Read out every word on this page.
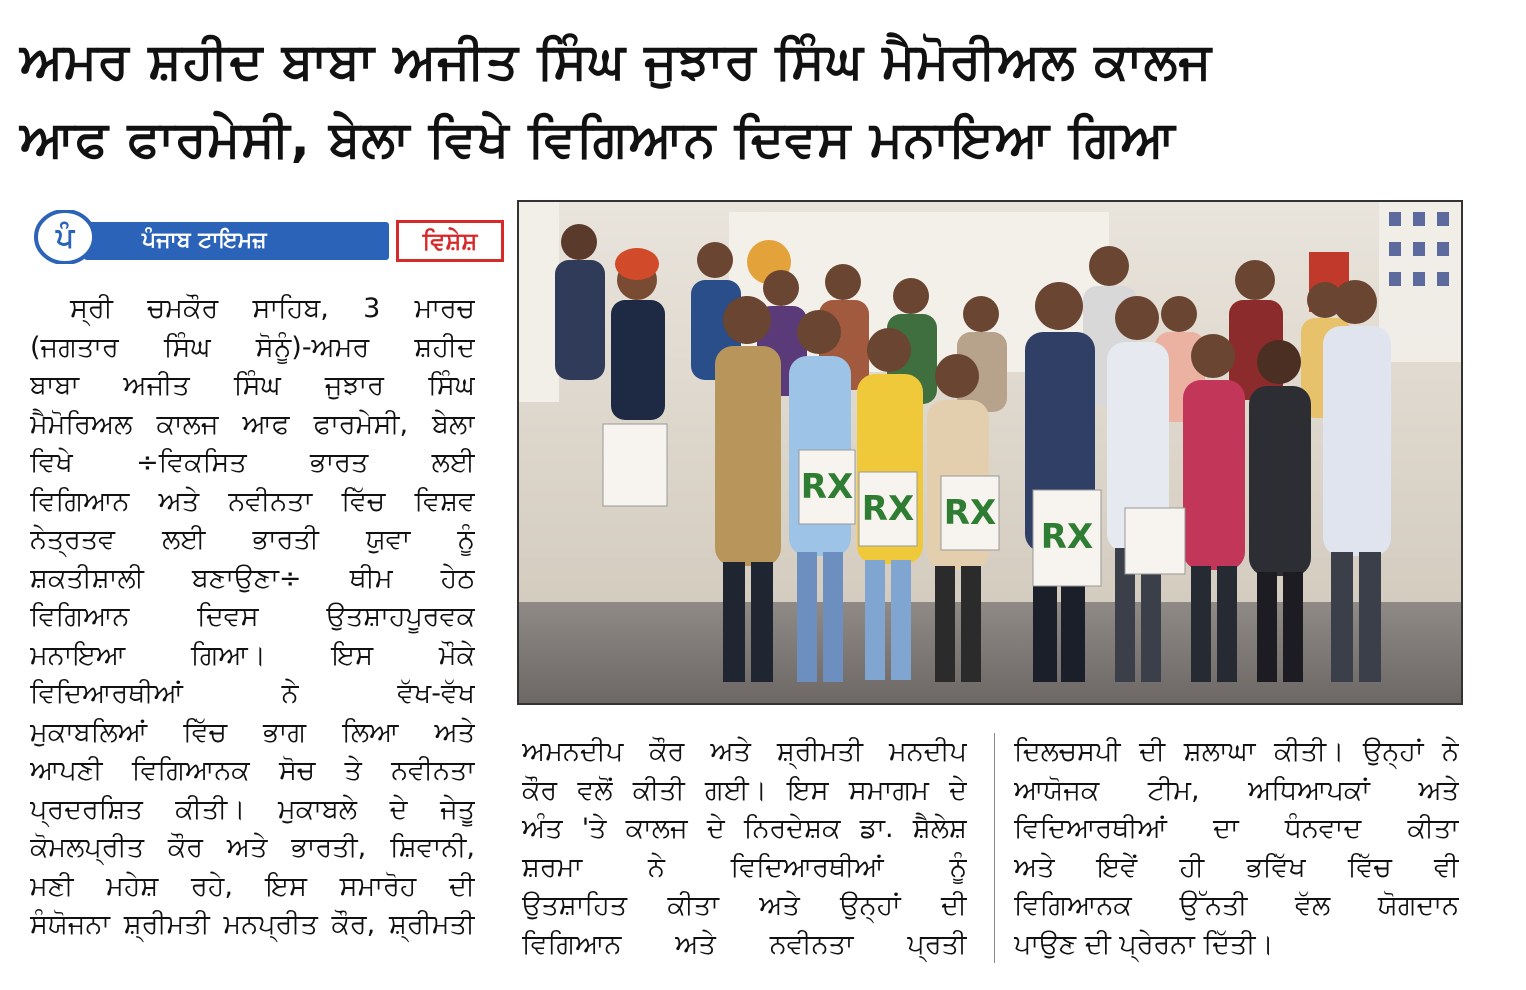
ਅਮਰ ਸ਼ਹੀਦ ਬਾਬਾ ਅਜੀਤ ਸਿੰਘ ਜੁਝਾਰ ਸਿੰਘ ਮੈਮੋਰੀਅਲ ਕਾਲਜ
ਆਫ ਫਾਰਮੇਸੀ, ਬੇਲਾ ਵਿਖੇ ਵਿਗਿਆਨ ਦਿਵਸ ਮਨਾਇਆ ਗਿਆ
ਪੰਜਾਬ ਟਾਇਮਜ਼
ਪੰ	ਵਿਸ਼ੇਸ਼
ਸ੍ਰੀ ਚਮਕੌਰ ਸਾਹਿਬ, 3 ਮਾਰਚ
(ਜਗਤਾਰ ਸਿੰਘ ਸੋਨੂੰ)-ਅਮਰ ਸ਼ਹੀਦ
ਬਾਬਾ ਅਜੀਤ ਸਿੰਘ ਜੁਝਾਰ ਸਿੰਘ
ਮੈਮੋਰਿਅਲ ਕਾਲਜ ਆਫ ਫਾਰਮੇਸੀ, ਬੇਲਾ
ਵਿਖੇ ÷ਵਿਕਸਿਤ ਭਾਰਤ ਲਈ
ਵਿਗਿਆਨ ਅਤੇ ਨਵੀਨਤਾ ਵਿੱਚ ਵਿਸ਼ਵ
ਨੇਤ੍ਰਤਵ ਲਈ ਭਾਰਤੀ ਯੁਵਾ ਨੂੰ
ਸ਼ਕਤੀਸ਼ਾਲੀ ਬਣਾਉਣਾ÷ ਥੀਮ ਹੇਠ
ਵਿਗਿਆਨ ਦਿਵਸ ਉਤਸ਼ਾਹਪੂਰਵਕ
ਮਨਾਇਆ ਗਿਆ। ਇਸ ਮੌਕੇ
ਵਿਦਿਆਰਥੀਆਂ ਨੇ ਵੱਖ-ਵੱਖ
ਮੁਕਾਬਲਿਆਂ ਵਿੱਚ ਭਾਗ ਲਿਆ ਅਤੇ
ਆਪਣੀ ਵਿਗਿਆਨਕ ਸੋਚ ਤੇ ਨਵੀਨਤਾ
ਪ੍ਰਦਰਸ਼ਿਤ ਕੀਤੀ। ਮੁਕਾਬਲੇ ਦੇ ਜੇਤੂ
ਕੋਮਲਪ੍ਰੀਤ ਕੌਰ ਅਤੇ ਭਾਰਤੀ, ਸ਼ਿਵਾਨੀ,
ਮਣੀ ਮਹੇਸ਼ ਰਹੇ, ਇਸ ਸਮਾਰੋਹ ਦੀ
ਸੰਯੋਜਨਾ ਸ਼੍ਰੀਮਤੀ ਮਨਪ੍ਰੀਤ ਕੌਰ, ਸ਼੍ਰੀਮਤੀ
RX
RX RX
RX
ਅਮਨਦੀਪ ਕੌਰ ਅਤੇ ਸ਼੍ਰੀਮਤੀ ਮਨਦੀਪ
ਕੌਰ ਵਲੋਂ ਕੀਤੀ ਗਈ। ਇਸ ਸਮਾਗਮ ਦੇ
ਅੰਤ 'ਤੇ ਕਾਲਜ ਦੇ ਨਿਰਦੇਸ਼ਕ ਡਾ. ਸ਼ੈਲੇਸ਼
ਸ਼ਰਮਾ ਨੇ ਵਿਦਿਆਰਥੀਆਂ ਨੂੰ
ਉਤਸ਼ਾਹਿਤ ਕੀਤਾ ਅਤੇ ਉਨ੍ਹਾਂ ਦੀ
ਵਿਗਿਆਨ ਅਤੇ ਨਵੀਨਤਾ ਪ੍ਰਤੀ
ਦਿਲਚਸਪੀ ਦੀ ਸ਼ਲਾਘਾ ਕੀਤੀ। ਉਨ੍ਹਾਂ ਨੇ
ਆਯੋਜਕ ਟੀਮ, ਅਧਿਆਪਕਾਂ ਅਤੇ
ਵਿਦਿਆਰਥੀਆਂ ਦਾ ਧੰਨਵਾਦ ਕੀਤਾ
ਅਤੇ ਇਵੇਂ ਹੀ ਭਵਿੱਖ ਵਿੱਚ ਵੀ
ਵਿਗਿਆਨਕ ਉੱਨਤੀ ਵੱਲ ਯੋਗਦਾਨ
ਪਾਉਣ ਦੀ ਪ੍ਰੇਰਨਾ ਦਿੱਤੀ।
